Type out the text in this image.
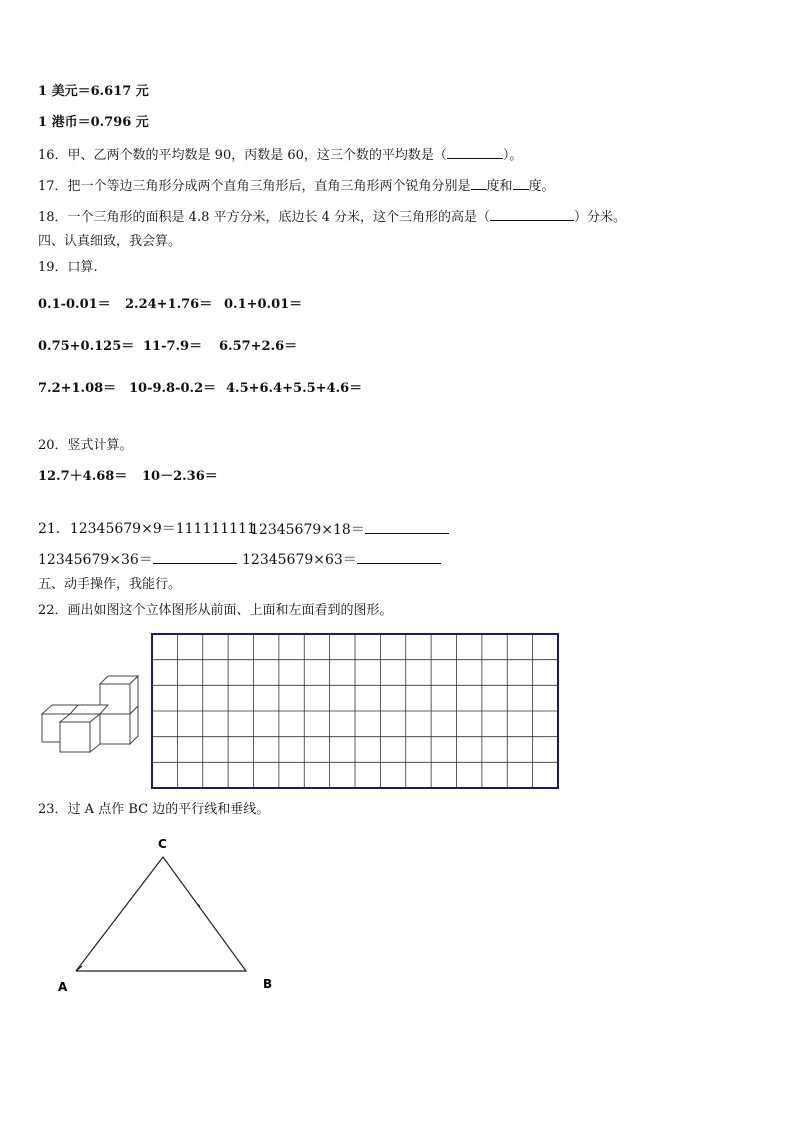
1 美元＝6.617 元
1 港币＝0.796 元
16．甲、乙两个数的平均数是 90，丙数是 60，这三个数的平均数是（	）。
17．把一个等边三角形分成两个直角三角形后，直角三角形两个锐角分别是 度和 度。
18．一个三角形的面积是 4.8 平方分米，底边长 4 分米，这个三角形的高是（	）分米。
四、认真细致，我会算。
19．口算.
0.1-0.01＝ 2.24+1.76＝ 0.1+0.01＝
0.75+0.125＝ 11-7.9＝ 6.57+2.6＝
7.2+1.08＝ 10-9.8-0.2＝ 4.5+6.4+5.5+4.6＝
20．竖式计算。
12.7＋4.68＝ 10－2.36＝
21．12345679×9＝111111111
12345679×18＝
12345679×36＝	12345679×63＝
五、动手操作，我能行。
22．画出如图这个立体图形从前面、上面和左面看到的图形。
23．过 A 点作 BC 边的平行线和垂线。
C
A	B
